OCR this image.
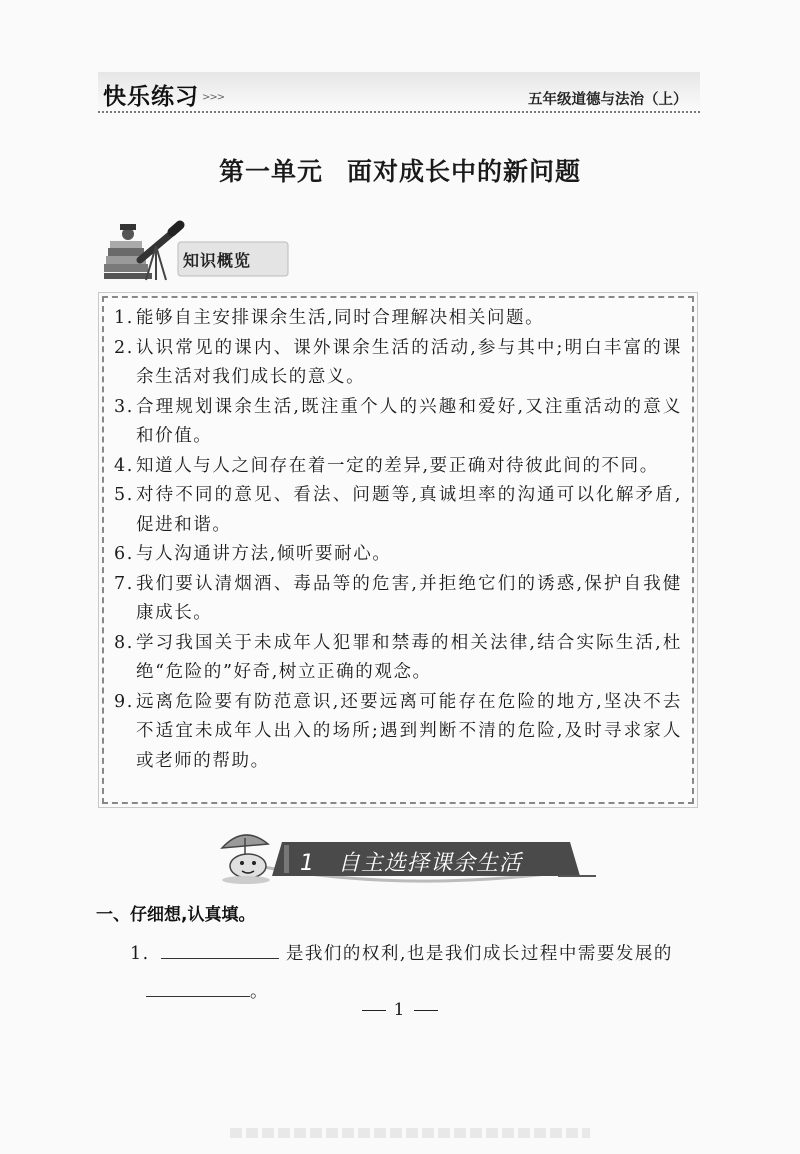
快乐练习 >>>	五年级道德与法治（上）
第一单元 面对成长中的新问题
知识概览
1. 能够自主安排课余生活,同时合理解决相关问题。
2. 认识常见的课内、课外课余生活的活动,参与其中;明白丰富的课余生活对我们成长的意义。
3. 合理规划课余生活,既注重个人的兴趣和爱好,又注重活动的意义和价值。
4. 知道人与人之间存在着一定的差异,要正确对待彼此间的不同。
5. 对待不同的意见、看法、问题等,真诚坦率的沟通可以化解矛盾,促进和谐。
6. 与人沟通讲方法,倾听要耐心。
7. 我们要认清烟酒、毒品等的危害,并拒绝它们的诱惑,保护自我健康成长。
8. 学习我国关于未成年人犯罪和禁毒的相关法律,结合实际生活,杜绝“危险的”好奇,树立正确的观念。
9. 远离危险要有防范意识,还要远离可能存在危险的地方,坚决不去不适宜未成年人出入的场所;遇到判断不清的危险,及时寻求家人或老师的帮助。
1 自主选择课余生活
一、仔细想,认真填。
1.	是我们的权利,也是我们成长过程中需要发展的
。
1
